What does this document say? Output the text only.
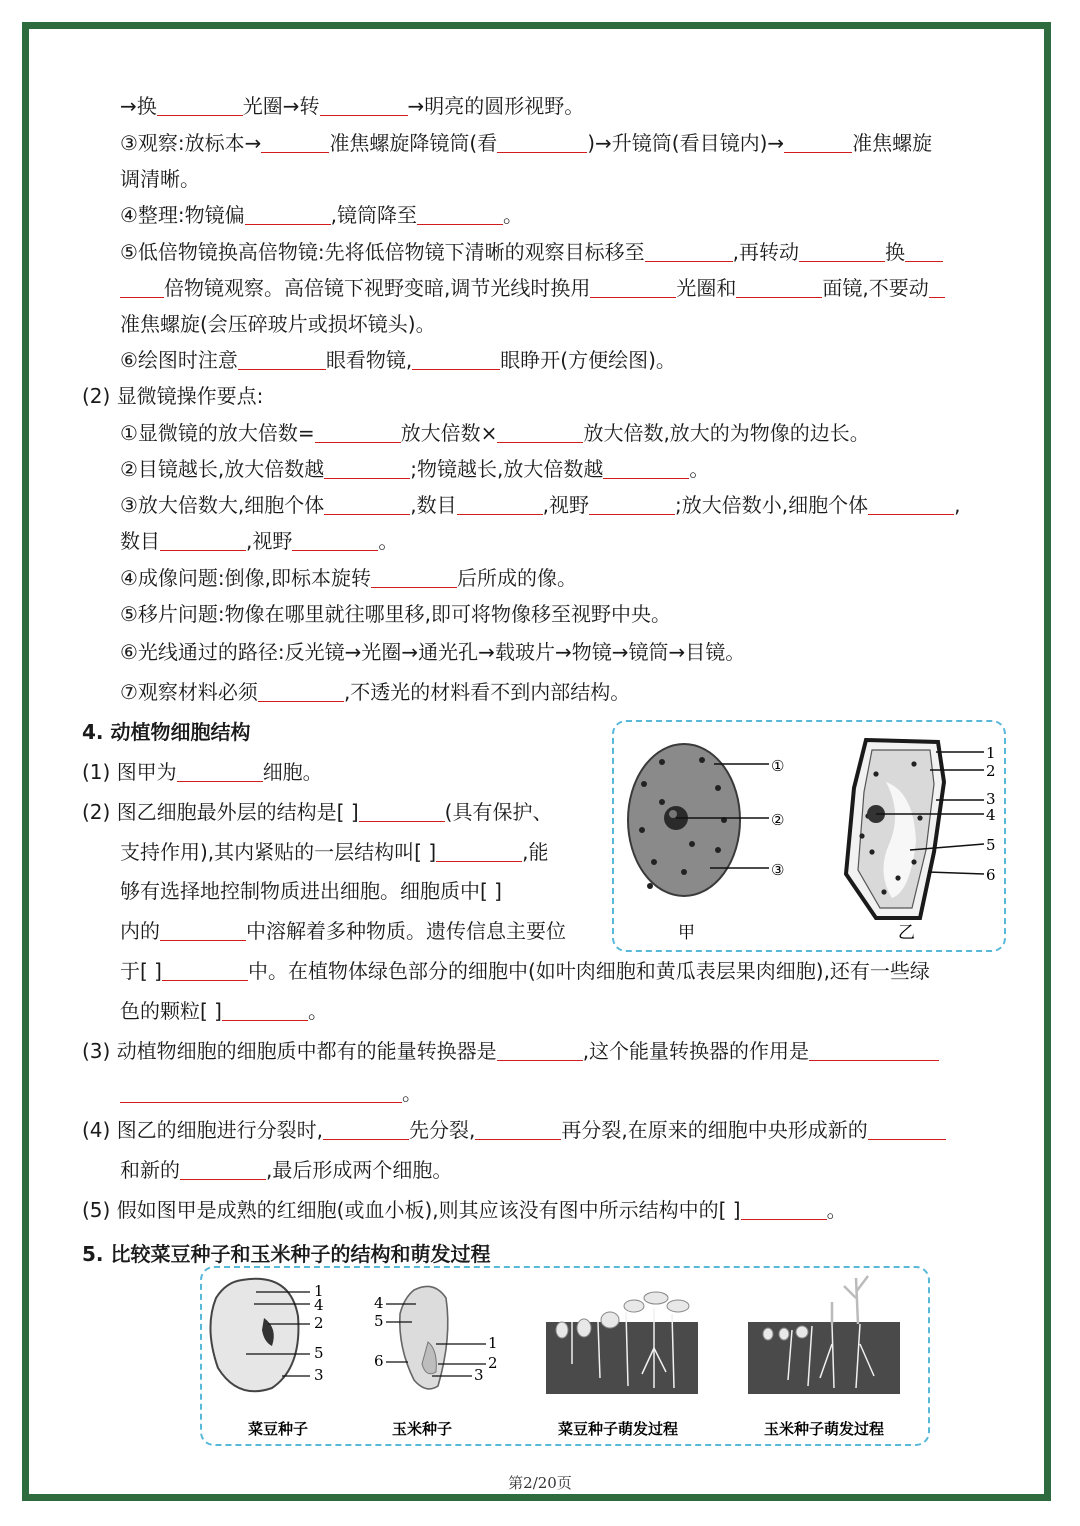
→换	光圈→转	→明亮的圆形视野。
③观察:放标本→	准焦螺旋降镜筒(看	)→升镜筒(看目镜内)→	准焦螺旋
调清晰。
④整理:物镜偏	,镜筒降至	。
⑤低倍物镜换高倍物镜:先将低倍物镜下清晰的观察目标移至	,再转动	换
倍物镜观察。高倍镜下视野变暗,调节光线时换用	光圈和	面镜,不要动
准焦螺旋(会压碎玻片或损坏镜头)。
⑥绘图时注意	眼看物镜,	眼睁开(方便绘图)。
(2) 显微镜操作要点:
①显微镜的放大倍数=	放大倍数×	放大倍数,放大的为物像的边长。
②目镜越长,放大倍数越	;物镜越长,放大倍数越	。
③放大倍数大,细胞个体	,数目	,视野	;放大倍数小,细胞个体	,
数目	,视野	。
④成像问题:倒像,即标本旋转	后所成的像。
⑤移片问题:物像在哪里就往哪里移,即可将物像移至视野中央。
⑥光线通过的路径:反光镜→光圈→通光孔→载玻片→物镜→镜筒→目镜。
⑦观察材料必须	,不透光的材料看不到内部结构。
4. 动植物细胞结构
(1) 图甲为	细胞。
(2) 图乙细胞最外层的结构是[ ]	(具有保护、
支持作用),其内紧贴的一层结构叫[ ]	,能
够有选择地控制物质进出细胞。细胞质中[ ]
内的	中溶解着多种物质。遗传信息主要位
于[ ]	中。在植物体绿色部分的细胞中(如叶肉细胞和黄瓜表层果肉细胞),还有一些绿
色的颗粒[ ]	。
(3) 动植物细胞的细胞质中都有的能量转换器是	,这个能量转换器的作用是
。
(4) 图乙的细胞进行分裂时,	先分裂,	再分裂,在原来的细胞中央形成新的
和新的	,最后形成两个细胞。
(5) 假如图甲是成熟的红细胞(或血小板),则其应该没有图中所示结构中的[ ]	。
5. 比较菜豆种子和玉米种子的结构和萌发过程
①
②
③
甲
1
2
3
4
5
6
乙
1
4
2
5
3
4
5
6
1
2
3
菜豆种子	玉米种子	菜豆种子萌发过程	玉米种子萌发过程
第2/20页
